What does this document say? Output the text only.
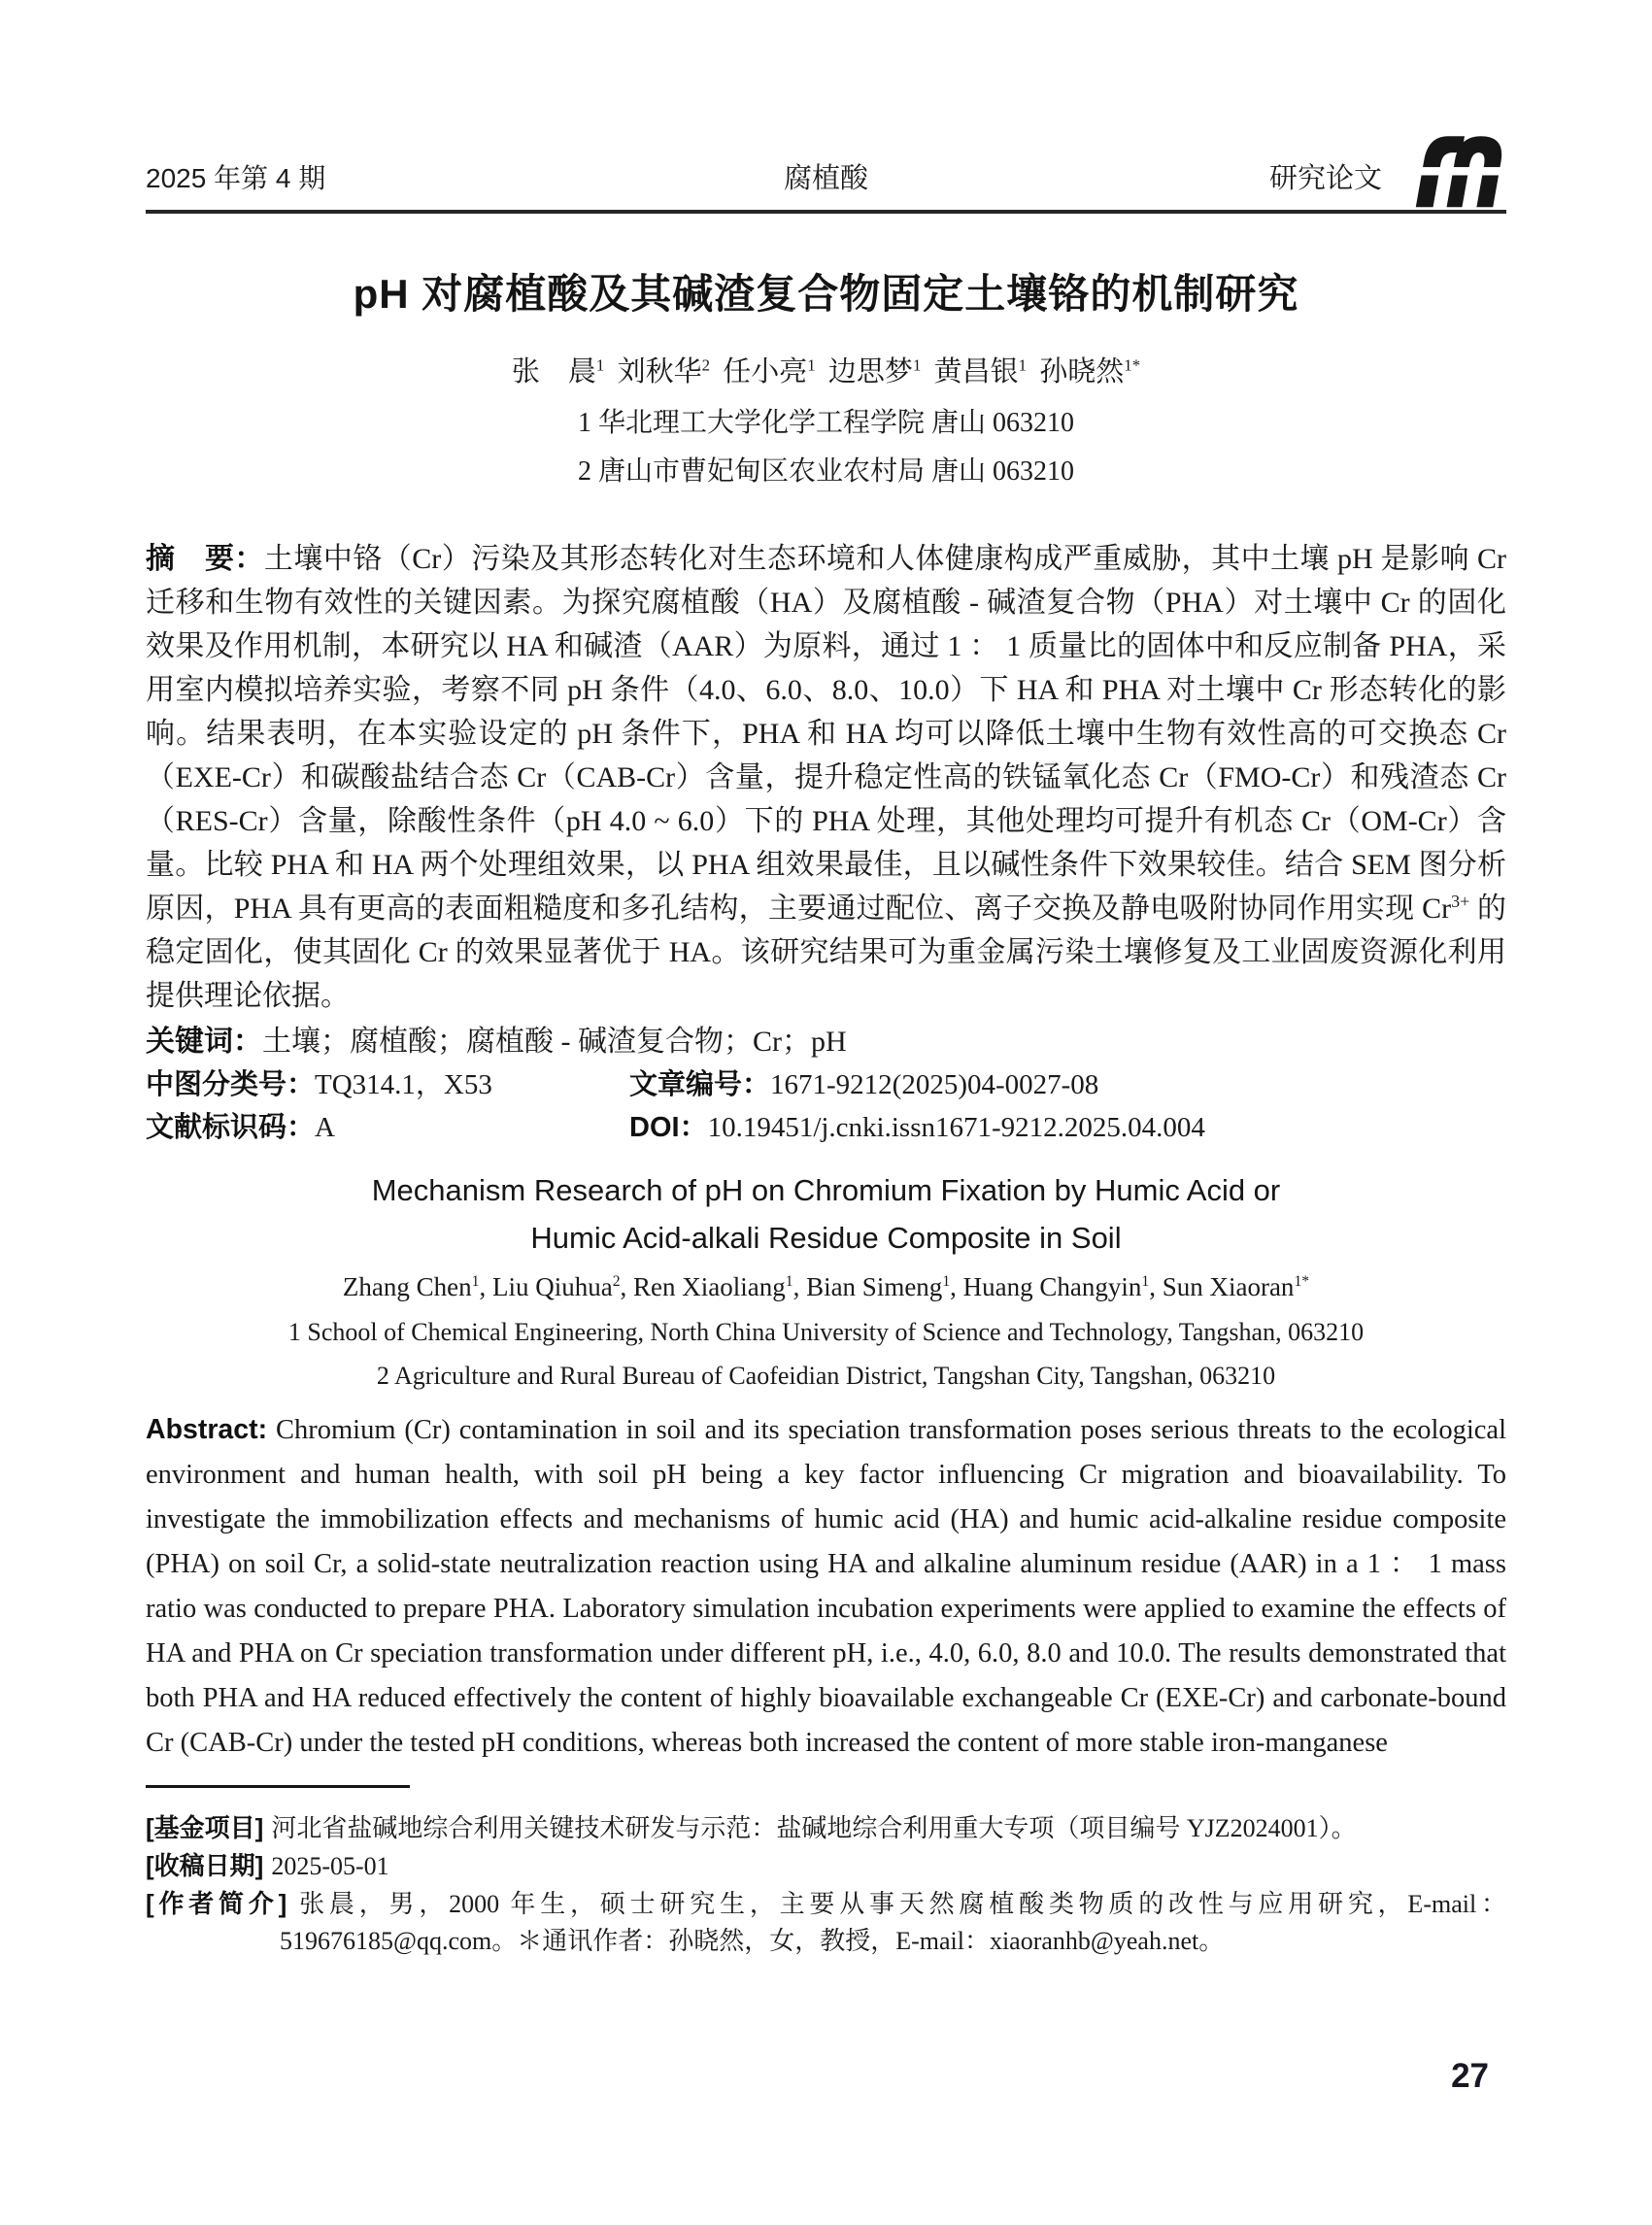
2025 年第 4 期	腐植酸	研究论文
pH 对腐植酸及其碱渣复合物固定土壤铬的机制研究
张　晨$^1$ 刘秋华$^2$ 任小亮$^1$ 边思梦$^1$ 黄昌银$^1$ 孙晓然$^{1*}$
1 华北理工大学化学工程学院 唐山 063210
2 唐山市曹妃甸区农业农村局 唐山 063210

摘　要：土壤中铬（Cr）污染及其形态转化对生态环境和人体健康构成严重威胁，其中土壤 pH 是影响 Cr 迁移和生物有效性的关键因素。为探究腐植酸（HA）及腐植酸 - 碱渣复合物（PHA）对土壤中 Cr 的固化效果及作用机制，本研究以 HA 和碱渣（AAR）为原料，通过 1 ： 1 质量比的固体中和反应制备 PHA，采用室内模拟培养实验，考察不同 pH 条件（4.0、6.0、8.0、10.0）下 HA 和 PHA 对土壤中 Cr 形态转化的影响。结果表明，在本实验设定的 pH 条件下，PHA 和 HA 均可以降低土壤中生物有效性高的可交换态 Cr（EXE-Cr）和碳酸盐结合态 Cr（CAB-Cr）含量，提升稳定性高的铁锰氧化态 Cr（FMO-Cr）和残渣态 Cr（RES-Cr）含量，除酸性条件（pH 4.0 ~ 6.0）下的 PHA 处理，其他处理均可提升有机态 Cr（OM-Cr）含量。比较 PHA 和 HA 两个处理组效果，以 PHA 组效果最佳，且以碱性条件下效果较佳。结合 SEM 图分析原因，PHA 具有更高的表面粗糙度和多孔结构，主要通过配位、离子交换及静电吸附协同作用实现 $Cr^{3+}$ 的稳定固化，使其固化 Cr 的效果显著优于 HA。该研究结果可为重金属污染土壤修复及工业固废资源化利用提供理论依据。

关键词：土壤；腐植酸；腐植酸 - 碱渣复合物；Cr；pH

中图分类号：TQ314.1，X53	文章编号：1671-9212(2025)04-0027-08
文献标识码：A	DOI：10.19451/j.cnki.issn1671-9212.2025.04.004
Mechanism Research of pH on Chromium Fixation by Humic Acid or
Humic Acid-alkali Residue Composite in Soil
Zhang Chen$^1$, Liu Qiuhua$^2$, Ren Xiaoliang$^1$, Bian Simeng$^1$, Huang Changyin$^1$, Sun Xiaoran$^{1*}$
1 School of Chemical Engineering, North China University of Science and Technology, Tangshan, 063210
2 Agriculture and Rural Bureau of Caofeidian District, Tangshan City, Tangshan, 063210

Abstract: Chromium (Cr) contamination in soil and its speciation transformation poses serious threats to the ecological environment and human health, with soil pH being a key factor influencing Cr migration and bioavailability. To investigate the immobilization effects and mechanisms of humic acid (HA) and humic acid-alkaline residue composite (PHA) on soil Cr, a solid-state neutralization reaction using HA and alkaline aluminum residue (AAR) in a 1 ： 1 mass ratio was conducted to prepare PHA. Laboratory simulation incubation experiments were applied to examine the effects of HA and PHA on Cr speciation transformation under different pH, i.e., 4.0, 6.0, 8.0 and 10.0. The results demonstrated that both PHA and HA reduced effectively the content of highly bioavailable exchangeable Cr (EXE-Cr) and carbonate-bound Cr (CAB-Cr) under the tested pH conditions, whereas both increased the content of more stable iron-manganese

[基金项目] 河北省盐碱地综合利用关键技术研发与示范：盐碱地综合利用重大专项（项目编号 YJZ2024001）。

[收稿日期] 2025-05-01

[作者简介] 张晨，男，2000 年生，硕士研究生，主要从事天然腐植酸类物质的改性与应用研究，E-mail：519676185@qq.com。＊通讯作者：孙晓然，女，教授，E-mail：xiaoranhb@yeah.net。

27
